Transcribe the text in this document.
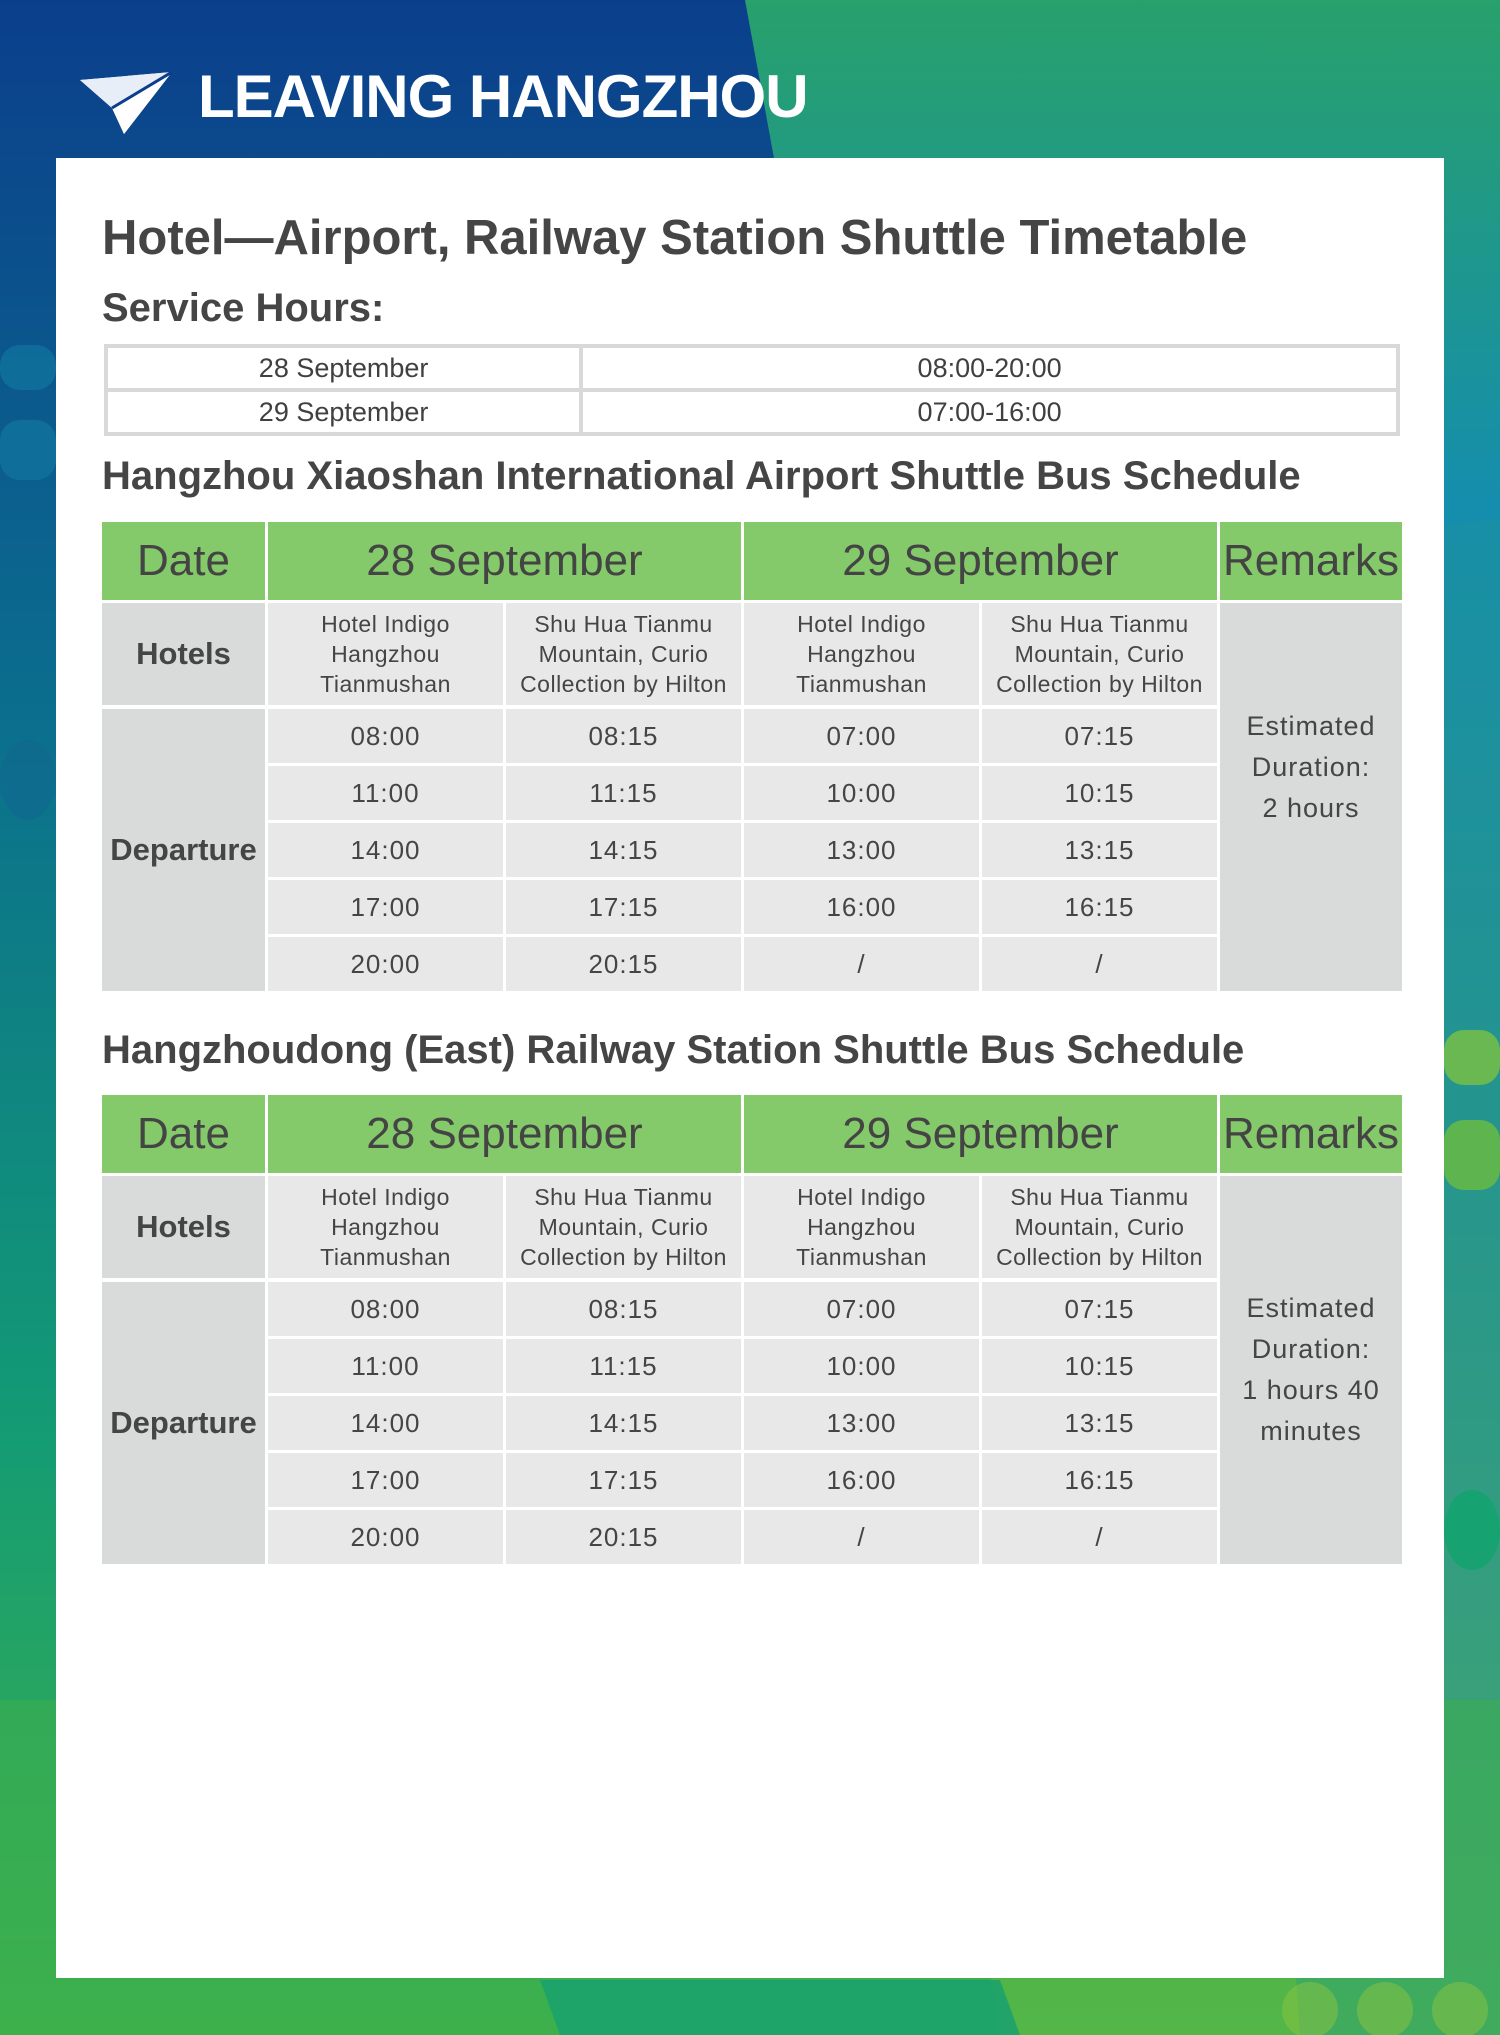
LEAVING HANGZHOU
Hotel—Airport, Railway Station Shuttle Timetable
Service Hours:
28 September	08:00-20:00
29 September	07:00-16:00
Hangzhou Xiaoshan International Airport Shuttle Bus Schedule
Date	28 September		29 September		Remarks
Hotels	Hotel Indigo Hangzhou Tianmushan	Shu Hua Tianmu Mountain, Curio Collection by Hilton	Hotel Indigo Hangzhou Tianmushan	Shu Hua Tianmu Mountain, Curio Collection by Hilton	Estimated
Duration:
2 hours

Departure	08:00	08:15	07:00	07:15	
	11:00	11:15	10:00	10:15	
	14:00	14:15	13:00	13:15	
	17:00	17:15	16:00	16:15	
	20:00	20:15	/	/	
Hangzhoudong (East) Railway Station Shuttle Bus Schedule
Date	28 September		29 September		Remarks
Hotels	Hotel Indigo Hangzhou Tianmushan	Shu Hua Tianmu Mountain, Curio Collection by Hilton	Hotel Indigo Hangzhou Tianmushan	Shu Hua Tianmu Mountain, Curio Collection by Hilton	Estimated
Duration:
1 hours 40
minutes

Departure	08:00	08:15	07:00	07:15	
	11:00	11:15	10:00	10:15	
	14:00	14:15	13:00	13:15	
	17:00	17:15	16:00	16:15	
	20:00	20:15	/	/	
